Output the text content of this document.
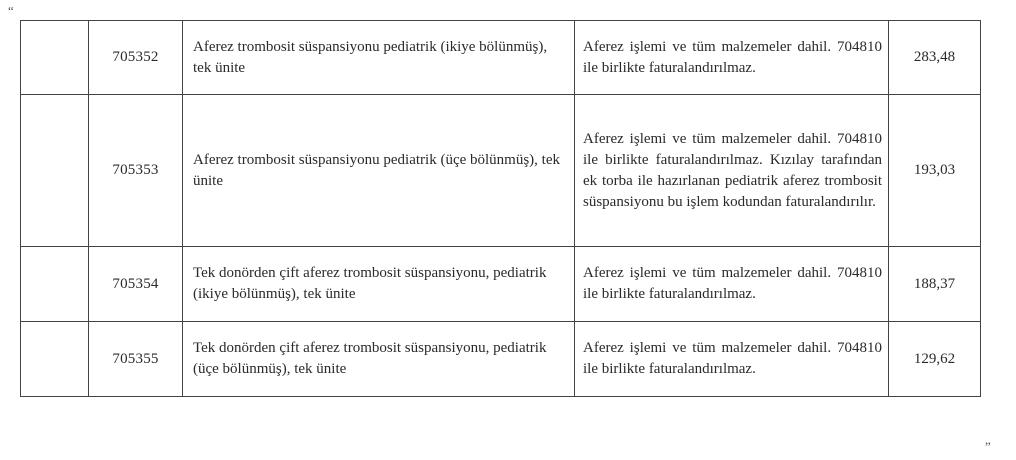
“
	705352	Aferez trombosit süspansiyonu pediatrik (ikiye bölünmüş), tek ünite	Aferez işlemi ve tüm malzemeler dahil. 704810 ile birlikte faturalandırılmaz.	283,48
	705353	Aferez trombosit süspansiyonu pediatrik (üçe bölünmüş), tek ünite	Aferez işlemi ve tüm malzemeler dahil. 704810 ile birlikte faturalandırılmaz. Kızılay tarafından ek torba ile hazırlanan pediatrik aferez trombosit süspansiyonu bu işlem kodundan faturalandırılır.	193,03
	705354	Tek donörden çift aferez trombosit süspansiyonu, pediatrik (ikiye bölünmüş), tek ünite	Aferez işlemi ve tüm malzemeler dahil. 704810 ile birlikte faturalandırılmaz.	188,37
	705355	Tek donörden çift aferez trombosit süspansiyonu, pediatrik (üçe bölünmüş), tek ünite	Aferez işlemi ve tüm malzemeler dahil. 704810 ile birlikte faturalandırılmaz.	129,62
”
